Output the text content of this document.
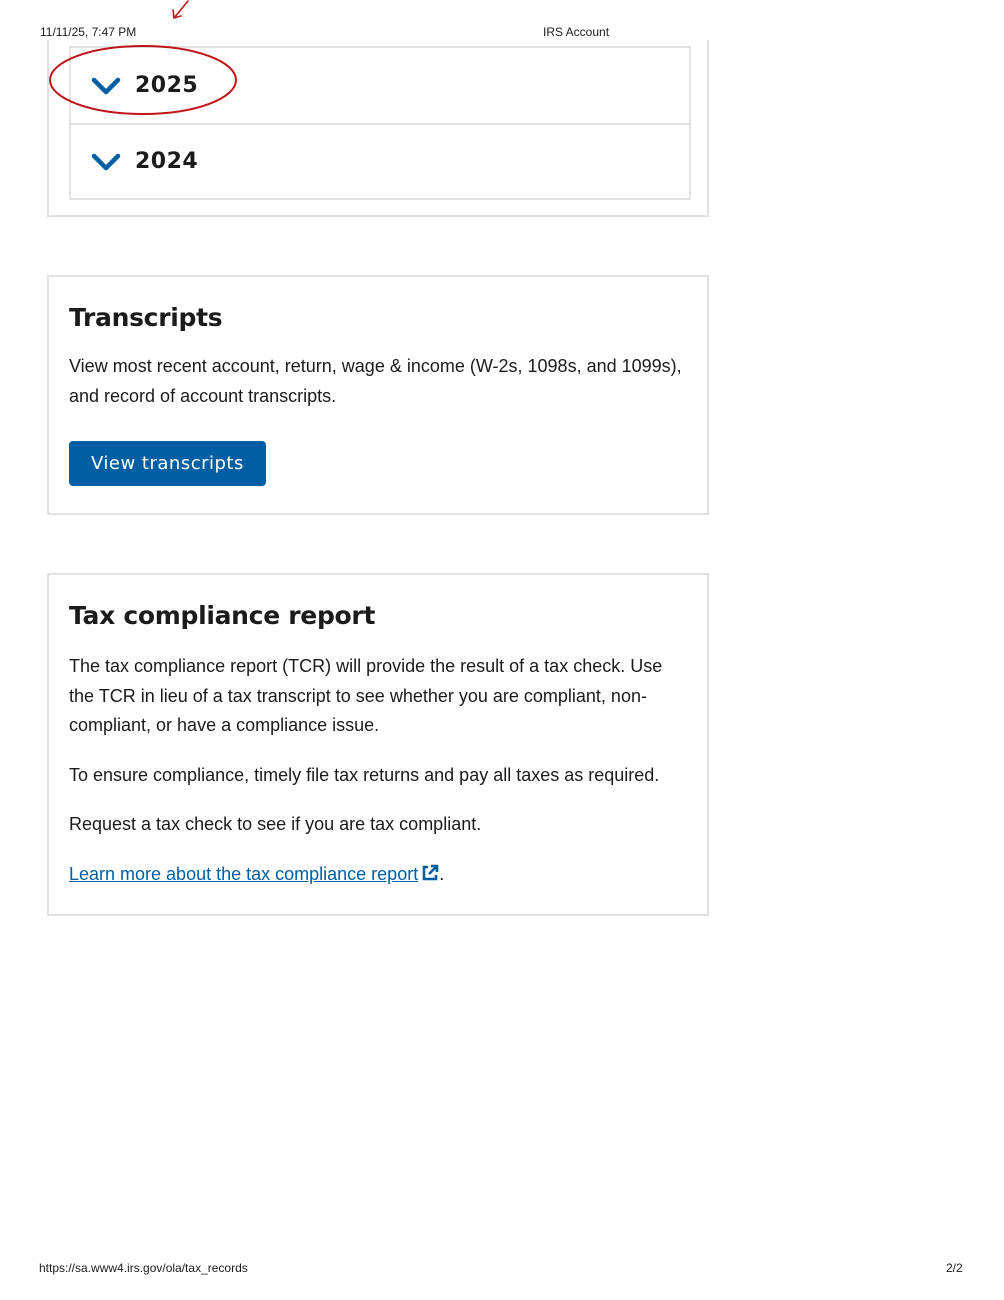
11/11/25, 7:47 PM	IRS Account
2025
2024
Transcripts

View most recent account, return, wage & income (W-2s, 1098s, and 1099s), and record of account transcripts.

View transcripts
Tax compliance report

The tax compliance report (TCR) will provide the result of a tax check. Use the TCR in lieu of a tax transcript to see whether you are compliant, non-compliant, or have a compliance issue.

To ensure compliance, timely file tax returns and pay all taxes as required.

Request a tax check to see if you are tax compliant.

Learn more about the tax compliance report .

https://sa.www4.irs.gov/ola/tax_records	2/2
